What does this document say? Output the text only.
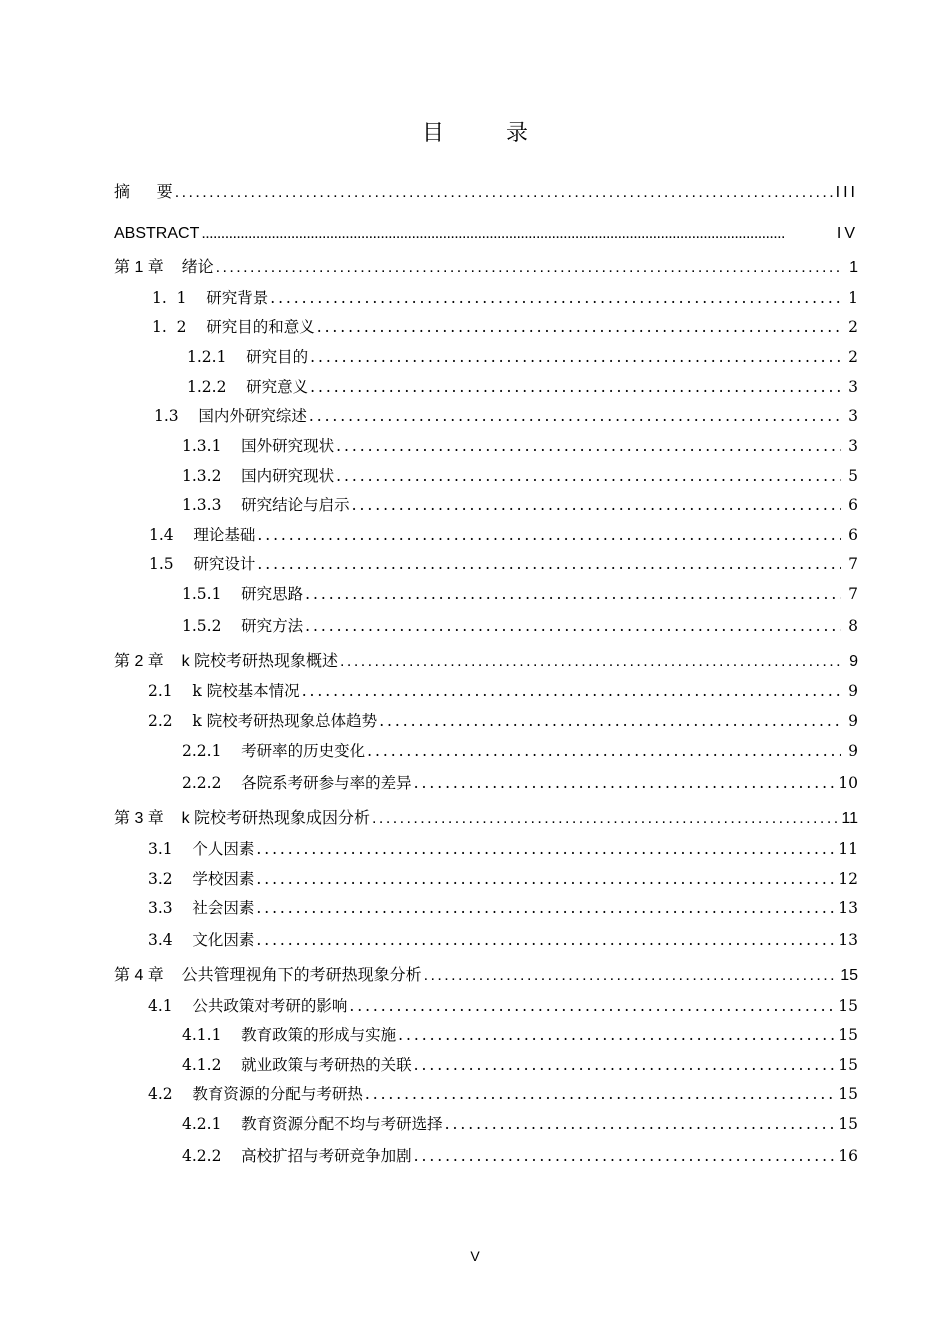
目 录
摘      要 . . .	III
ABSTRACT . . .	IV
第 1 章    绪论 . . .	1
1.  1    研究背景 . . .	1
1.  2    研究目的和意义 . . .	2
1.2.1    研究目的 . . .	2
1.2.2    研究意义 . . .	3
1.3    国内外研究综述 . . .	3
1.3.1    国外研究现状 . . .	3
1.3.2    国内研究现状 . . .	5
1.3.3    研究结论与启示 . . .	6
1.4    理论基础 . . .	6
1.5    研究设计 . . .	7
1.5.1    研究思路 . . .	7
1.5.2    研究方法 . . .	8
第 2 章    k 院校考研热现象概述 . . .	9
2.1    k 院校基本情况 . . .	9
2.2    k 院校考研热现象总体趋势 . . .	9
2.2.1    考研率的历史变化 . . .	9
2.2.2    各院系考研参与率的差异 . . .	10
第 3 章    k 院校考研热现象成因分析 . . .	11
3.1    个人因素 . . .	11
3.2    学校因素 . . .	12
3.3    社会因素 . . .	13
3.4    文化因素 . . .	13
第 4 章    公共管理视角下的考研热现象分析 . . .	15
4.1    公共政策对考研的影响 . . .	15
4.1.1    教育政策的形成与实施 . . .	15
4.1.2    就业政策与考研热的关联 . . .	15
4.2    教育资源的分配与考研热 . . .	15
4.2.1    教育资源分配不均与考研选择 . . .	15
4.2.2    高校扩招与考研竞争加剧 . . .	16
V
